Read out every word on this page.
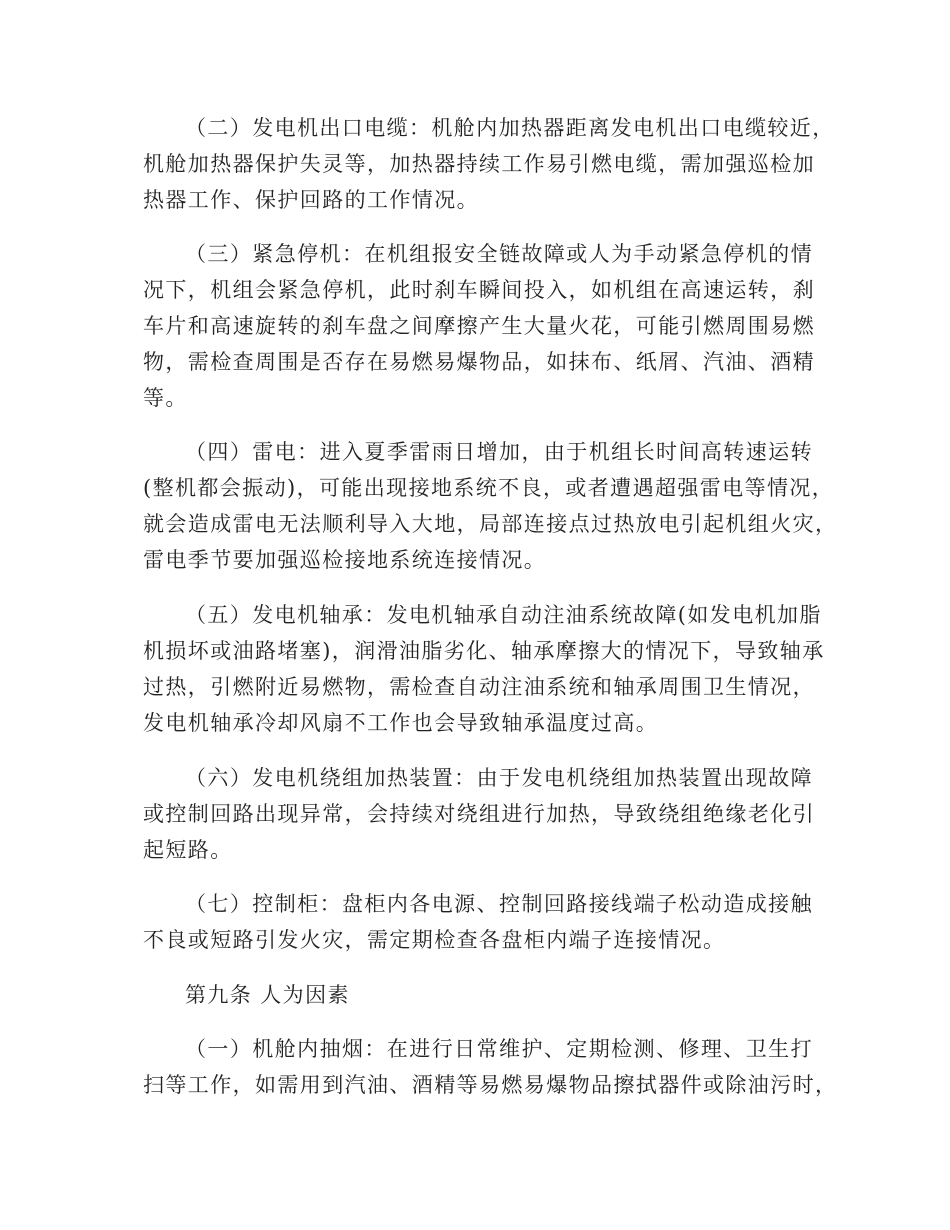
（二）发电机出口电缆：机舱内加热器距离发电机出口电缆较近，
机舱加热器保护失灵等，加热器持续工作易引燃电缆，需加强巡检加
热器工作、保护回路的工作情况。
（三）紧急停机：在机组报安全链故障或人为手动紧急停机的情
况下，机组会紧急停机，此时刹车瞬间投入，如机组在高速运转，刹
车片和高速旋转的刹车盘之间摩擦产生大量火花，可能引燃周围易燃
物，需检查周围是否存在易燃易爆物品，如抹布、纸屑、汽油、酒精
等。
（四）雷电：进入夏季雷雨日增加，由于机组长时间高转速运转
(整机都会振动)，可能出现接地系统不良，或者遭遇超强雷电等情况，
就会造成雷电无法顺利导入大地，局部连接点过热放电引起机组火灾，
雷电季节要加强巡检接地系统连接情况。
（五）发电机轴承：发电机轴承自动注油系统故障(如发电机加脂
机损坏或油路堵塞)，润滑油脂劣化、轴承摩擦大的情况下，导致轴承
过热，引燃附近易燃物，需检查自动注油系统和轴承周围卫生情况，
发电机轴承冷却风扇不工作也会导致轴承温度过高。
（六）发电机绕组加热装置：由于发电机绕组加热装置出现故障
或控制回路出现异常，会持续对绕组进行加热，导致绕组绝缘老化引
起短路。
（七）控制柜：盘柜内各电源、控制回路接线端子松动造成接触
不良或短路引发火灾，需定期检查各盘柜内端子连接情况。
第九条 人为因素
（一）机舱内抽烟：在进行日常维护、定期检测、修理、卫生打
扫等工作，如需用到汽油、酒精等易燃易爆物品擦拭器件或除油污时，
